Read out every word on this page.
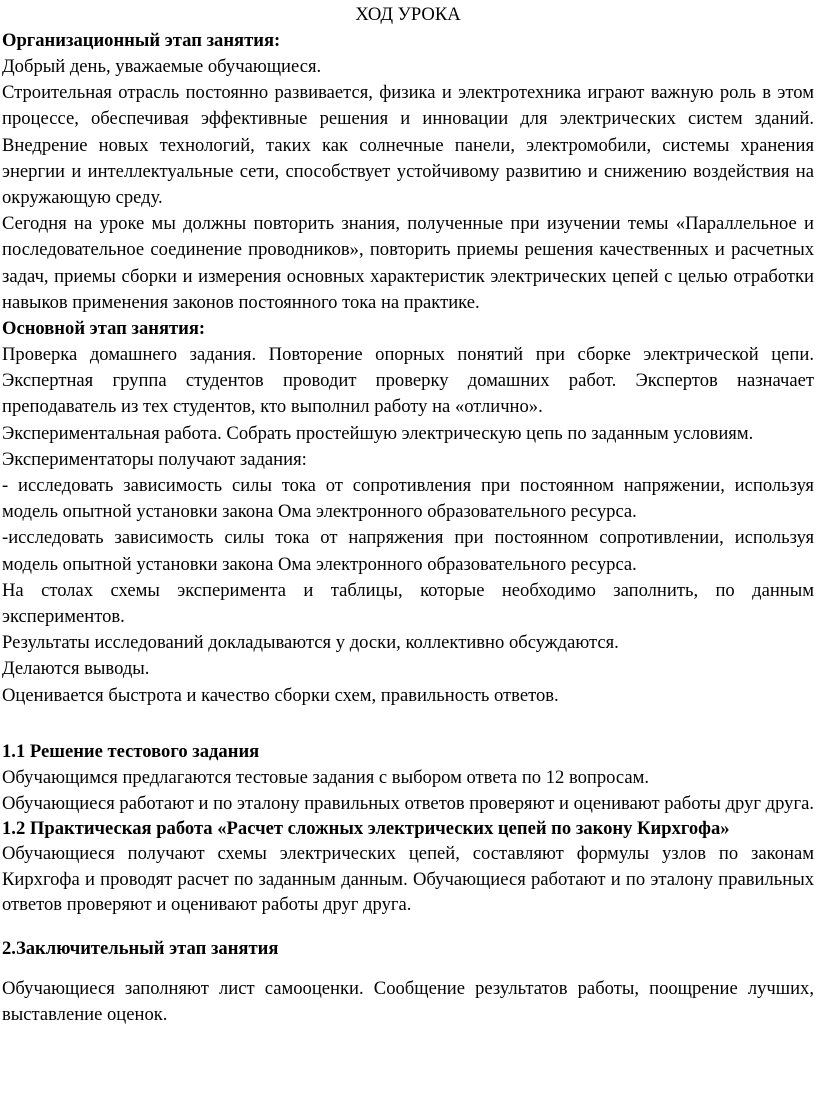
ХОД УРОКА
Организационный этап занятия:

Добрый день, уважаемые обучающиеся.

Строительная отрасль постоянно развивается, физика и электротехника играют важную роль в этом процессе, обеспечивая эффективные решения и инновации для электрических систем зданий. Внедрение новых технологий, таких как солнечные панели, электромобили, системы хранения энергии и интеллектуальные сети, способствует устойчивому развитию и снижению воздействия на окружающую среду.

Сегодня на уроке мы должны повторить знания, полученные при изучении темы «Параллельное и последовательное соединение проводников», повторить приемы решения качественных и расчетных задач, приемы сборки и измерения основных характеристик электрических цепей с целью отработки навыков применения законов постоянного тока на практике.

Основной этап занятия:

Проверка домашнего задания. Повторение опорных понятий при сборке электрической цепи. Экспертная группа студентов проводит проверку домашних работ. Экспертов назначает преподаватель из тех студентов, кто выполнил работу на «отлично».

Экспериментальная работа. Собрать простейшую электрическую цепь по заданным условиям.

Экспериментаторы получают задания:

- исследовать зависимость силы тока от сопротивления при постоянном напряжении, используя модель опытной установки закона Ома электронного образовательного ресурса.

-исследовать зависимость силы тока от напряжения при постоянном сопротивлении, используя модель опытной установки закона Ома электронного образовательного ресурса.

На столах схемы эксперимента и таблицы, которые необходимо заполнить, по данным экспериментов.

Результаты исследований докладываются у доски, коллективно обсуждаются.

Делаются выводы.

Оценивается быстрота и качество сборки схем, правильность ответов.

1.1 Решение тестового задания

Обучающимся предлагаются тестовые задания с выбором ответа по 12 вопросам.

Обучающиеся работают и по эталону правильных ответов проверяют и оценивают работы друг друга.

1.2 Практическая работа «Расчет сложных электрических цепей по закону Кирхгофа»

Обучающиеся получают схемы электрических цепей, составляют формулы узлов по законам Кирхгофа и проводят расчет по заданным данным. Обучающиеся работают и по эталону правильных ответов проверяют и оценивают работы друг друга.

2.Заключительный этап занятия

Обучающиеся заполняют лист самооценки. Сообщение результатов работы, поощрение лучших, выставление оценок.
